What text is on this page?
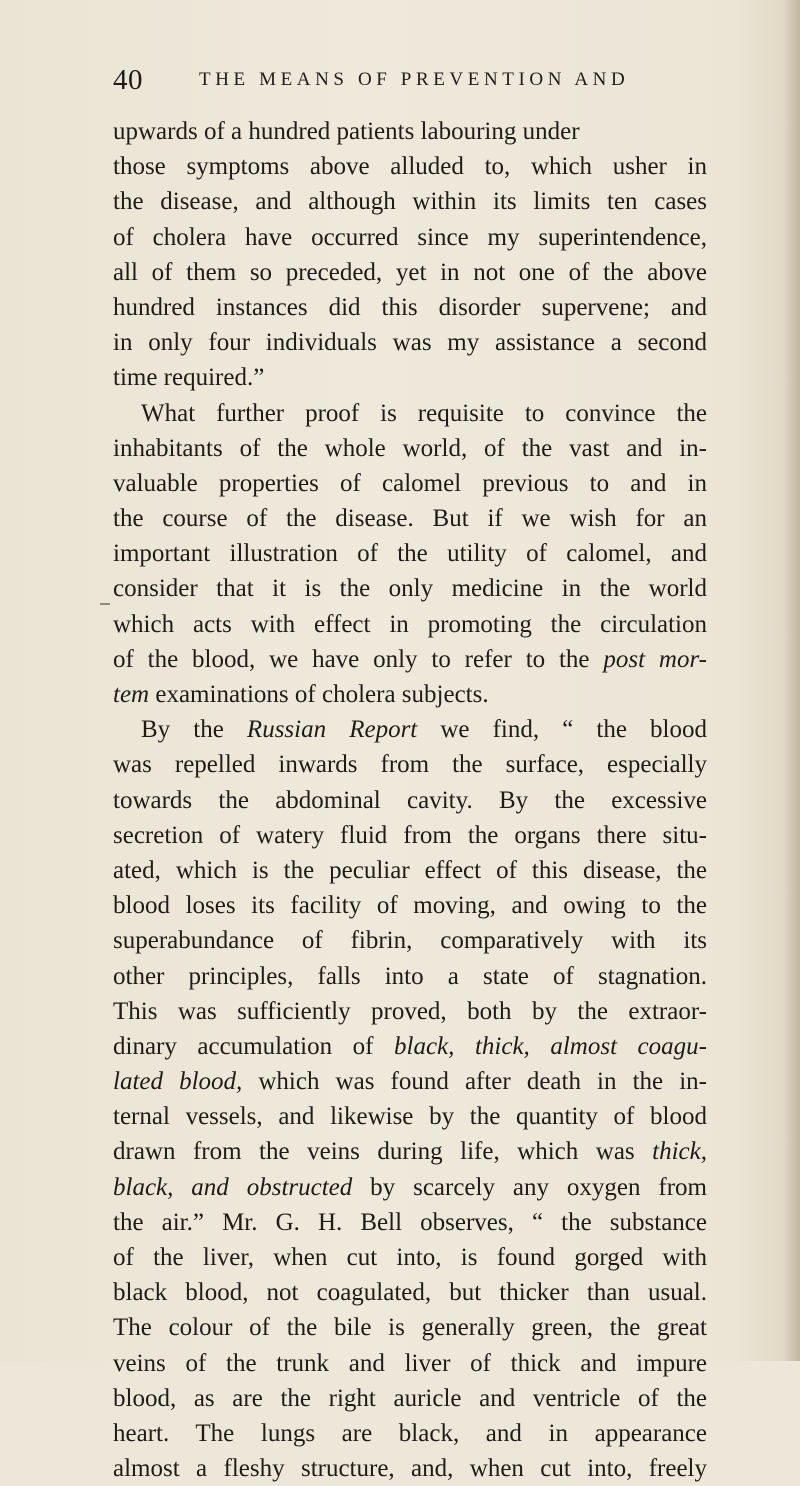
40	THE MEANS OF PREVENTION AND
upwards of a hundred patients labouring under
those symptoms above alluded to, which usher in
the disease, and although within its limits ten cases
of cholera have occurred since my superintendence,
all of them so preceded, yet in not one of the above
hundred instances did this disorder supervene; and
in only four individuals was my assistance a second
time required.”
What further proof is requisite to convince the
inhabitants of the whole world, of the vast and in-
valuable properties of calomel previous to and in
the course of the disease. But if we wish for an
important illustration of the utility of calomel, and
consider that it is the only medicine in the world
which acts with effect in promoting the circulation
of the blood, we have only to refer to the post mor-
tem examinations of cholera subjects.
By the Russian Report we find, “ the blood
was repelled inwards from the surface, especially
towards the abdominal cavity. By the excessive
secretion of watery fluid from the organs there situ-
ated, which is the peculiar effect of this disease, the
blood loses its facility of moving, and owing to the
superabundance of fibrin, comparatively with its
other principles, falls into a state of stagnation.
This was sufficiently proved, both by the extraor-
dinary accumulation of black, thick, almost coagu-
lated blood, which was found after death in the in-
ternal vessels, and likewise by the quantity of blood
drawn from the veins during life, which was thick,
black, and obstructed by scarcely any oxygen from
the air.” Mr. G. H. Bell observes, “ the substance
of the liver, when cut into, is found gorged with
black blood, not coagulated, but thicker than usual.
The colour of the bile is generally green, the great
veins of the trunk and liver of thick and impure
blood, as are the right auricle and ventricle of the
heart. The lungs are black, and in appearance
almost a fleshy structure, and, when cut into, freely
